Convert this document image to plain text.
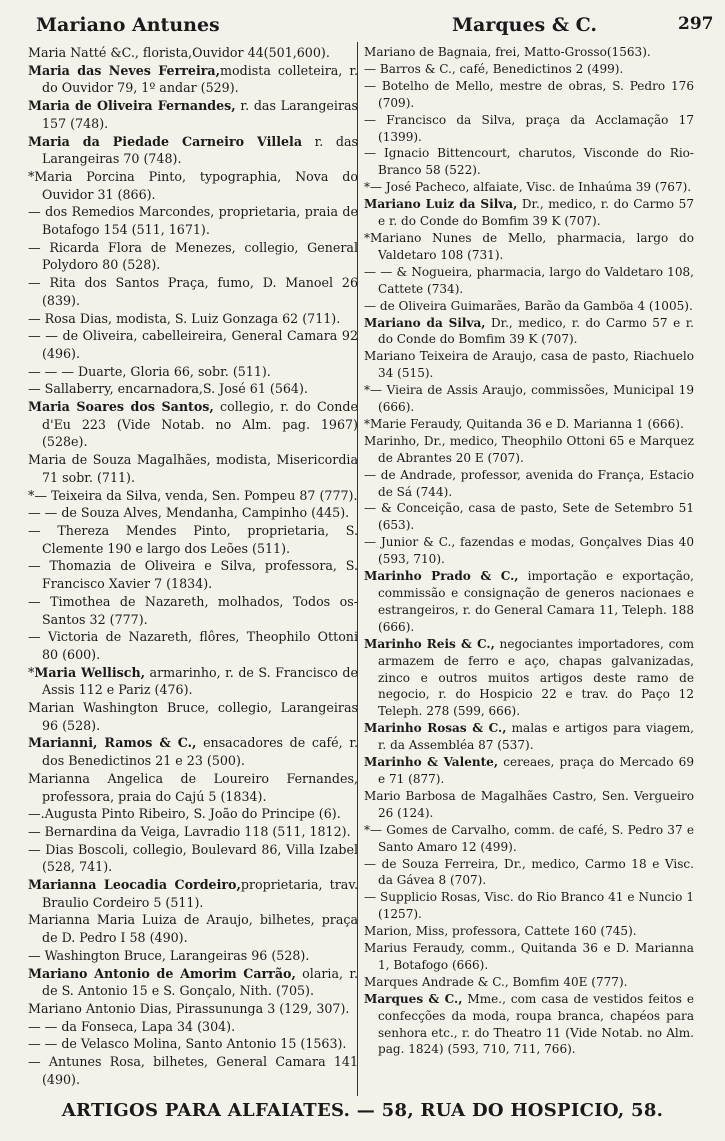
Mariano Antunes	Marques & C.	297

Maria Natté &C., florista,Ouvidor 44(501,600).

Maria das Neves Ferreira,modista colleteira, r. do Ouvidor 79, 1º andar (529).

Maria de Oliveira Fernandes, r. das Larangeiras 157 (748).

Maria da Piedade Carneiro Villela r. das Larangeiras 70 (748).

*Maria Porcina Pinto, typographia, Nova do Ouvidor 31 (866).

— dos Remedios Marcondes, proprietaria, praia de Botafogo 154 (511, 1671).

— Ricarda Flora de Menezes, collegio, General Polydoro 80 (528).

— Rita dos Santos Praça, fumo, D. Manoel 26 (839).

— Rosa Dias, modista, S. Luiz Gonzaga 62 (711).

— — de Oliveira, cabelleireira, General Camara 92 (496).

— — — Duarte, Gloria 66, sobr. (511).

— Sallaberry, encarnadora,S. José 61 (564).

Maria Soares dos Santos, collegio, r. do Conde d'Eu 223 (Vide Notab. no Alm. pag. 1967) (528e).

Maria de Souza Magalhães, modista, Misericordia 71 sobr. (711).

*— Teixeira da Silva, venda, Sen. Pompeu 87 (777).

— — de Souza Alves, Mendanha, Campinho (445).

— Thereza Mendes Pinto, proprietaria, S. Clemente 190 e largo dos Leões (511).

— Thomazia de Oliveira e Silva, professora, S. Francisco Xavier 7 (1834).

— Timothea de Nazareth, molhados, Todos os-Santos 32 (777).

— Victoria de Nazareth, flôres, Theophilo Ottoni 80 (600).

*Maria Wellisch, armarinho, r. de S. Francisco de Assis 112 e Pariz (476).

Marian Washington Bruce, collegio, Larangeiras 96 (528).

Marianni, Ramos & C., ensacadores de café, r. dos Benedictinos 21 e 23 (500).

Marianna Angelica de Loureiro Fernandes, professora, praia do Cajú 5 (1834).

—.Augusta Pinto Ribeiro, S. João do Principe (6).

— Bernardina da Veiga, Lavradio 118 (511, 1812).

— Dias Boscoli, collegio, Boulevard 86, Villa Izabel (528, 741).

Marianna Leocadia Cordeiro,proprietaria, trav. Braulio Cordeiro 5 (511).

Marianna Maria Luiza de Araujo, bilhetes, praça de D. Pedro I 58 (490).

— Washington Bruce, Larangeiras 96 (528).

Mariano Antonio de Amorim Carrão, olaria, r. de S. Antonio 15 e S. Gonçalo, Nith. (705).

Mariano Antonio Dias, Pirassununga 3 (129, 307).

— — da Fonseca, Lapa 34 (304).

— — de Velasco Molina, Santo Antonio 15 (1563).

— Antunes Rosa, bilhetes, General Camara 141 (490).

Mariano de Bagnaia, frei, Matto-Grosso(1563).

— Barros & C., café, Benedictinos 2 (499).

— Botelho de Mello, mestre de obras, S. Pedro 176 (709).

— Francisco da Silva, praça da Acclamação 17 (1399).

— Ignacio Bittencourt, charutos, Visconde do Rio-Branco 58 (522).

*— José Pacheco, alfaiate, Visc. de Inhaúma 39 (767).

Mariano Luiz da Silva, Dr., medico, r. do Carmo 57 e r. do Conde do Bomfim 39 K (707).

*Mariano Nunes de Mello, pharmacia, largo do Valdetaro 108 (731).

— — & Nogueira, pharmacia, largo do Valdetaro 108, Cattete (734).

— de Oliveira Guimarães, Barão da Gamböa 4 (1005).

Mariano da Silva, Dr., medico, r. do Carmo 57 e r. do Conde do Bomfim 39 K (707).

Mariano Teixeira de Araujo, casa de pasto, Riachuelo 34 (515).

*— Vieira de Assis Araujo, commissões, Municipal 19 (666).

*Marie Feraudy, Quitanda 36 e D. Marianna 1 (666).

Marinho, Dr., medico, Theophilo Ottoni 65 e Marquez de Abrantes 20 E (707).

— de Andrade, professor, avenida do França, Estacio de Sá (744).

— & Conceição, casa de pasto, Sete de Setembro 51 (653).

— Junior & C., fazendas e modas, Gonçalves Dias 40 (593, 710).

Marinho Prado & C., importação e exportação, commissão e consignação de generos nacionaes e estrangeiros, r. do General Camara 11, Teleph. 188 (666).

Marinho Reis & C., negociantes importadores, com armazem de ferro e aço, chapas galvanizadas, zinco e outros muitos artigos deste ramo de negocio, r. do Hospicio 22 e trav. do Paço 12 Teleph. 278 (599, 666).

Marinho Rosas & C., malas e artigos para viagem, r. da Assembléa 87 (537).

Marinho & Valente, cereaes, praça do Mercado 69 e 71 (877).

Mario Barbosa de Magalhães Castro, Sen. Vergueiro 26 (124).

*— Gomes de Carvalho, comm. de café, S. Pedro 37 e Santo Amaro 12 (499).

— de Souza Ferreira, Dr., medico, Carmo 18 e Visc. da Gávea 8 (707).

— Supplicio Rosas, Visc. do Rio Branco 41 e Nuncio 1 (1257).

Marion, Miss, professora, Cattete 160 (745).

Marius Feraudy, comm., Quitanda 36 e D. Marianna 1, Botafogo (666).

Marques Andrade & C., Bomfim 40E (777).

Marques & C., Mme., com casa de vestidos feitos e confecções da moda, roupa branca, chapéos para senhora etc., r. do Theatro 11 (Vide Notab. no Alm. pag. 1824) (593, 710, 711, 766).

ARTIGOS PARA ALFAIATES. — 58, RUA DO HOSPICIO, 58.
